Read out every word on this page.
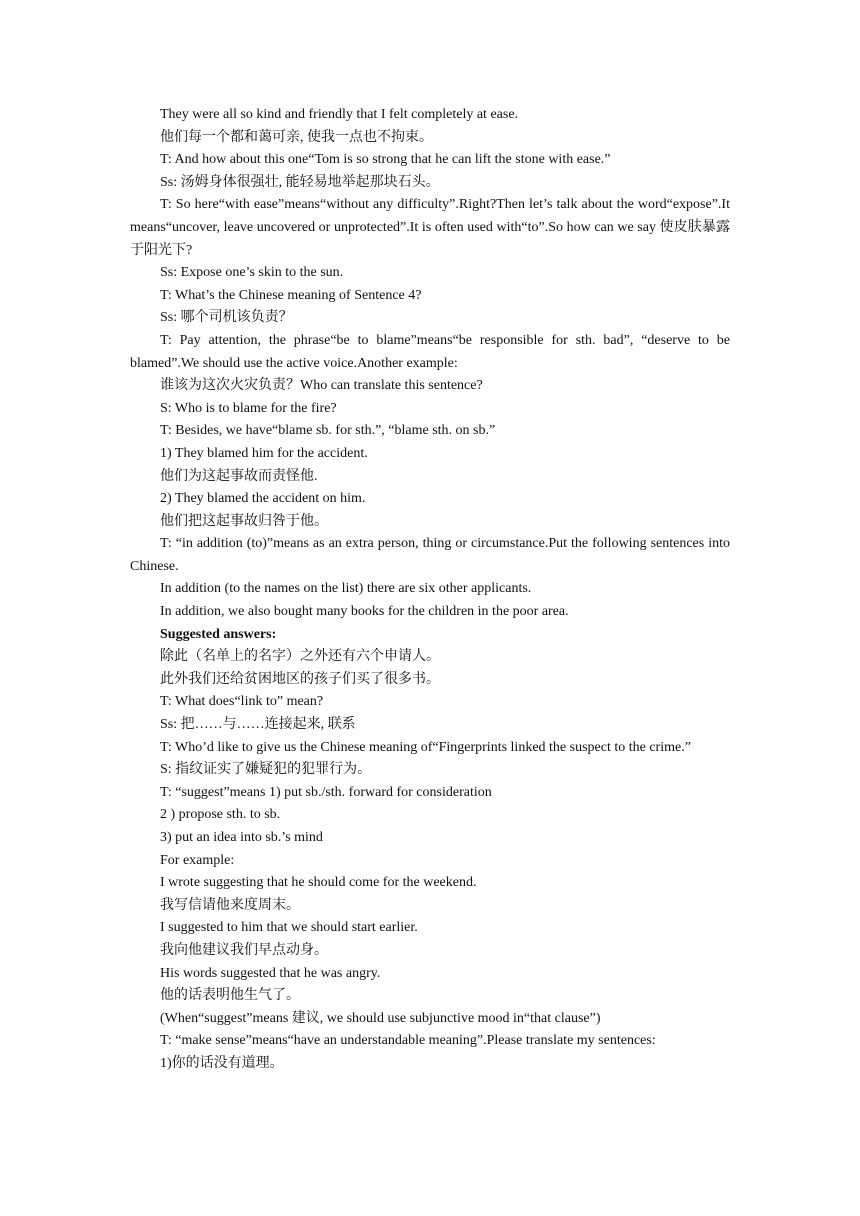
They were all so kind and friendly that I felt completely at ease.

他们每一个都和蔼可亲, 使我一点也不拘束。

T: And how about this one“Tom is so strong that he can lift the stone with ease.”

Ss: 汤姆身体很强壮, 能轻易地举起那块石头。

T: So here“with ease”means“without any difficulty”.Right?Then let’s talk about the word“expose”.It means“uncover, leave uncovered or unprotected”.It is often used with“to”.So how can we say 使皮肤暴露于阳光下?

Ss: Expose one’s skin to the sun.

T: What’s the Chinese meaning of Sentence 4?

Ss: 哪个司机该负责？

T: Pay attention, the phrase“be to blame”means“be responsible for sth. bad”, “deserve to be blamed”.We should use the active voice.Another example:

谁该为这次火灾负责？Who can translate this sentence?

S: Who is to blame for the fire?

T: Besides, we have“blame sb. for sth.”, “blame sth. on sb.”

1) They blamed him for the accident.

他们为这起事故而责怪他.

2) They blamed the accident on him.

他们把这起事故归咎于他。

T: “in addition (to)”means as an extra person, thing or circumstance.Put the following sentences into Chinese.

In addition (to the names on the list) there are six other applicants.

In addition, we also bought many books for the children in the poor area.

Suggested answers:

除此（名单上的名字）之外还有六个申请人。

此外我们还给贫困地区的孩子们买了很多书。

T: What does“link to” mean?

Ss: 把……与……连接起来, 联系

T: Who’d like to give us the Chinese meaning of“Fingerprints linked the suspect to the crime.”

S: 指纹证实了嫌疑犯的犯罪行为。

T: “suggest”means 1) put sb./sth. forward for consideration

2 ) propose sth. to sb.

3) put an idea into sb.’s mind

For example:

I wrote suggesting that he should come for the weekend.

我写信请他来度周末。

I suggested to him that we should start earlier.

我向他建议我们早点动身。

His words suggested that he was angry.

他的话表明他生气了。

(When“suggest”means 建议, we should use subjunctive mood in“that clause”)

T: “make sense”means“have an understandable meaning”.Please translate my sentences:

1)你的话没有道理。
